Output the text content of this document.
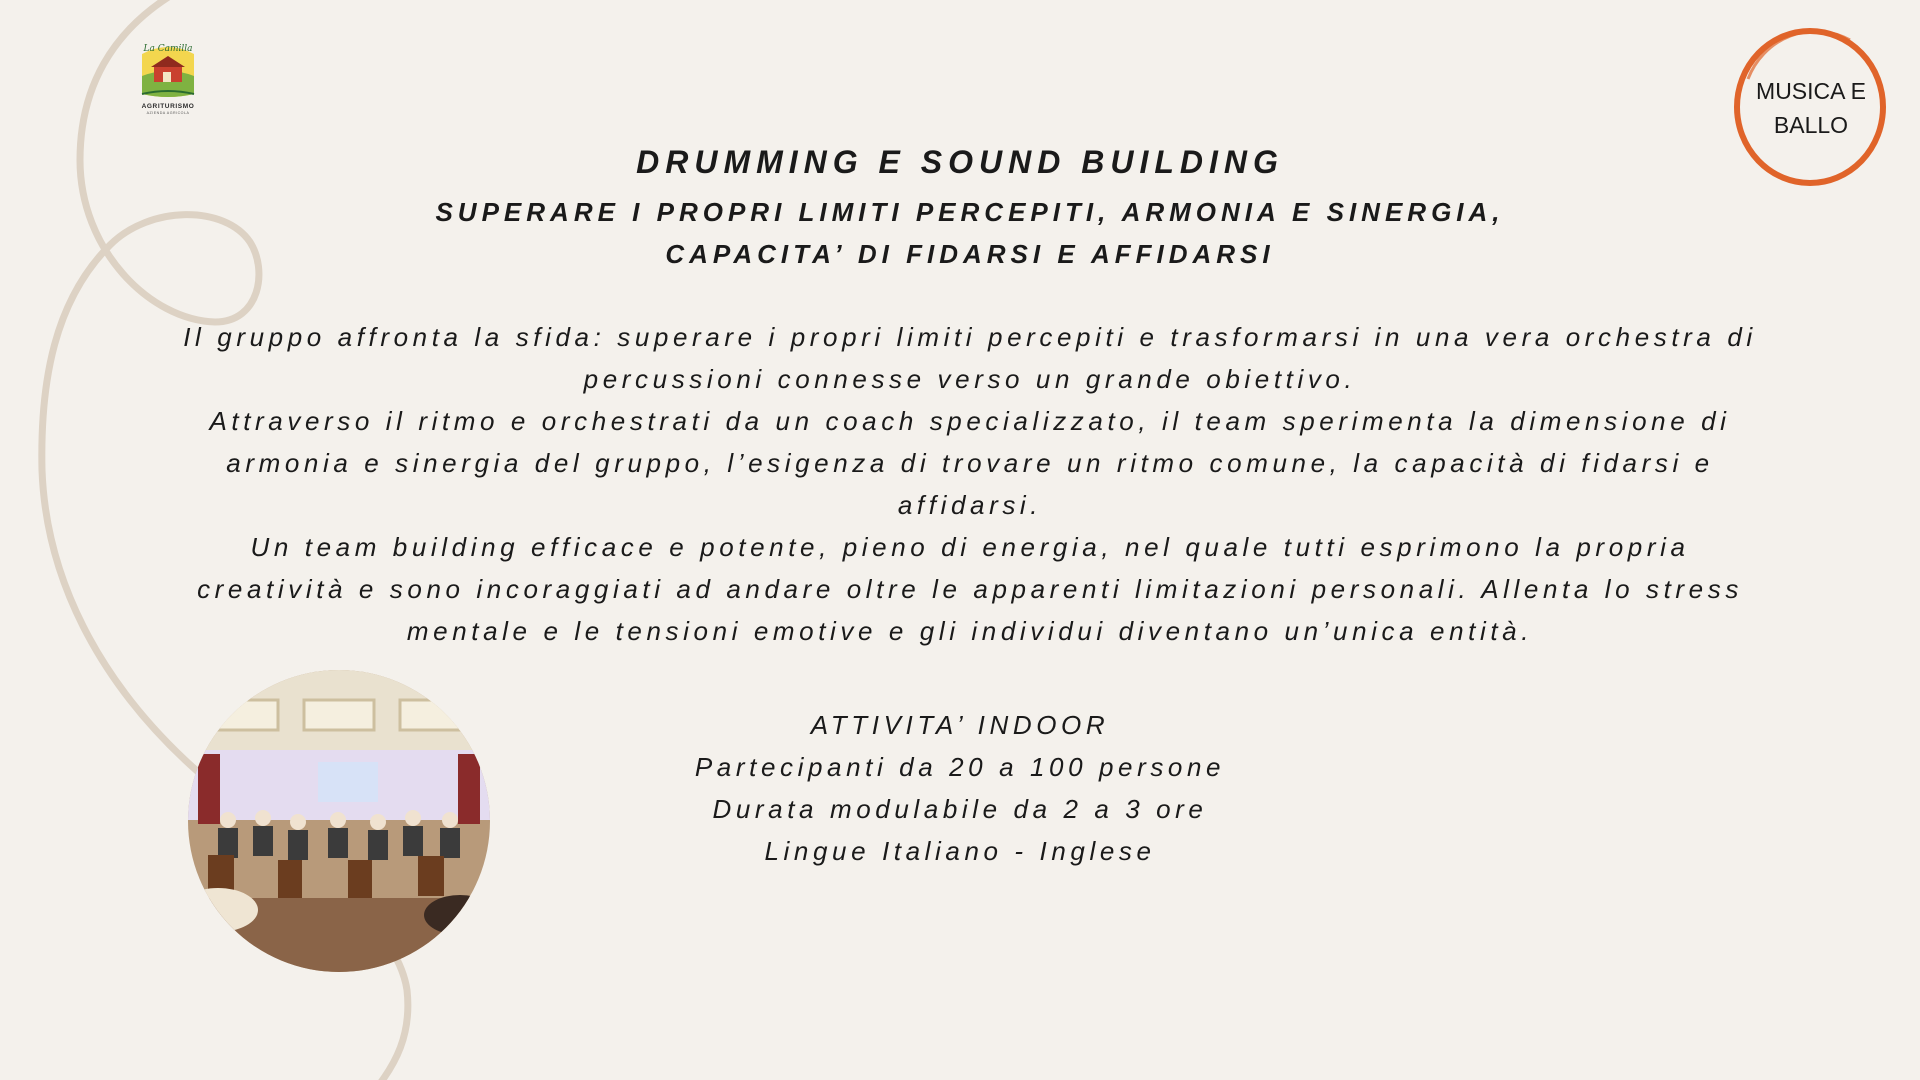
La Camilla
AGRITURISMO
AZIENDA AGRICOLA
MUSICA E BALLO
DRUMMING E SOUND BUILDING
SUPERARE I PROPRI LIMITI PERCEPITI, ARMONIA E SINERGIA,
CAPACITA’ DI FIDARSI E AFFIDARSI

Il gruppo affronta la sfida: superare i propri limiti percepiti e trasformarsi in una vera orchestra di percussioni connesse verso un grande obiettivo.

Attraverso il ritmo e orchestrati da un coach specializzato, il team sperimenta la dimensione di armonia e sinergia del gruppo, l’esigenza di trovare un ritmo comune, la capacità di fidarsi e affidarsi.

Un team building efficace e potente, pieno di energia, nel quale tutti esprimono la propria creatività e sono incoraggiati ad andare oltre le apparenti limitazioni personali. Allenta lo stress mentale e le tensioni emotive e gli individui diventano un’unica entità.

ATTIVITA’ INDOOR
Partecipanti da 20 a 100 persone
Durata modulabile da 2 a 3 ore
Lingue Italiano - Inglese
